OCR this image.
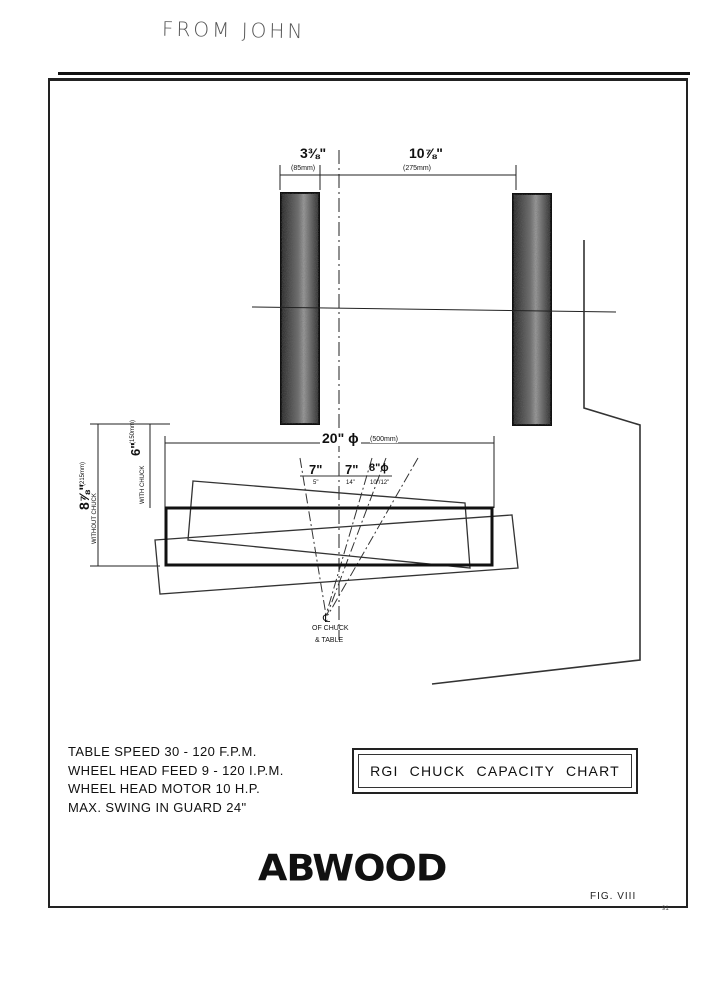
FROM JOHN
3⅜"
(85mm)
10⅞"
(275mm)
20" ϕ (500mm)
7"
5"
7"
14"
8"ϕ
10"/12"
6"
(150mm)
WITH CHUCK
8⅞"
(215mm)
WITHOUT CHUCK
℄
OF CHUCK
& TABLE
TABLE SPEED 30 - 120 F.P.M.
WHEEL HEAD FEED 9 - 120 I.P.M.
WHEEL HEAD MOTOR 10 H.P.
MAX. SWING IN GUARD 24"
RGI CHUCK CAPACITY CHART
ABWOOD
FIG. VIII
91
